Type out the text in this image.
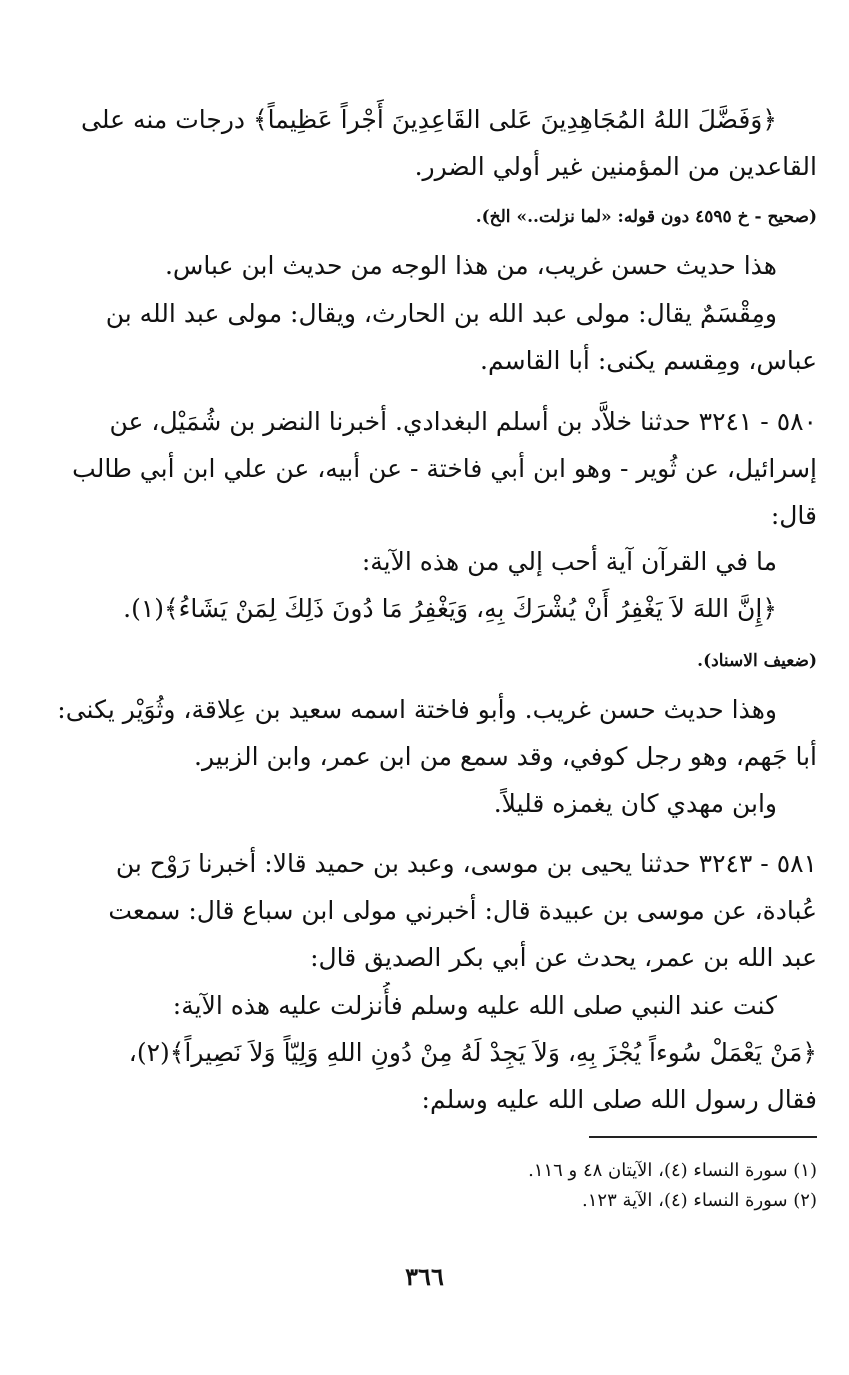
﴿وَفَضَّلَ اللهُ المُجَاهِدِينَ عَلى القَاعِدِينَ أَجْراً عَظِيماً﴾ درجات منه على
القاعدين من المؤمنين غير أولي الضرر.
(صحيح - خ ٤٥٩٥ دون قوله: «لما نزلت..» الخ).
هذا حديث حسن غريب، من هذا الوجه من حديث ابن عباس.
ومِقْسَمٌ يقال: مولى عبد الله بن الحارث، ويقال: مولى عبد الله بن
عباس، ومِقسم يكنى: أبا القاسم.
٥٨٠ - ٣٢٤١ حدثنا خلاَّد بن أسلم البغدادي. أخبرنا النضر بن شُمَيْل، عن
إسرائيل، عن ثُوير - وهو ابن أبي فاختة - عن أبيه، عن علي ابن أبي طالب
قال:
ما في القرآن آية أحب إلي من هذه الآية:
﴿إِنَّ اللهَ لاَ يَغْفِرُ أَنْ يُشْرَكَ بِهِ، وَيَغْفِرُ مَا دُونَ ذَلِكَ لِمَنْ يَشَاءُ﴾(١).
(ضعيف الاسناد).
وهذا حديث حسن غريب. وأبو فاختة اسمه سعيد بن عِلاقة، وثُوَيْر يكنى:
أبا جَهم، وهو رجل كوفي، وقد سمع من ابن عمر، وابن الزبير.
وابن مهدي كان يغمزه قليلاً.
٥٨١ - ٣٢٤٣ حدثنا يحيى بن موسى، وعبد بن حميد قالا: أخبرنا رَوْح بن
عُبادة، عن موسى بن عبيدة قال: أخبرني مولى ابن سباع قال: سمعت
عبد الله بن عمر، يحدث عن أبي بكر الصديق قال:
كنت عند النبي صلى الله عليه وسلم فأُنزلت عليه هذه الآية:
﴿مَنْ يَعْمَلْ سُوءاً يُجْزَ بِهِ، وَلاَ يَجِدْ لَهُ مِنْ دُونِ اللهِ وَلِيّاً وَلاَ نَصِيراً﴾(٢)،
فقال رسول الله صلى الله عليه وسلم:
(١) سورة النساء (٤)، الآيتان ٤٨ و ١١٦.
(٢) سورة النساء (٤)، الآية ١٢٣.
٣٦٦
